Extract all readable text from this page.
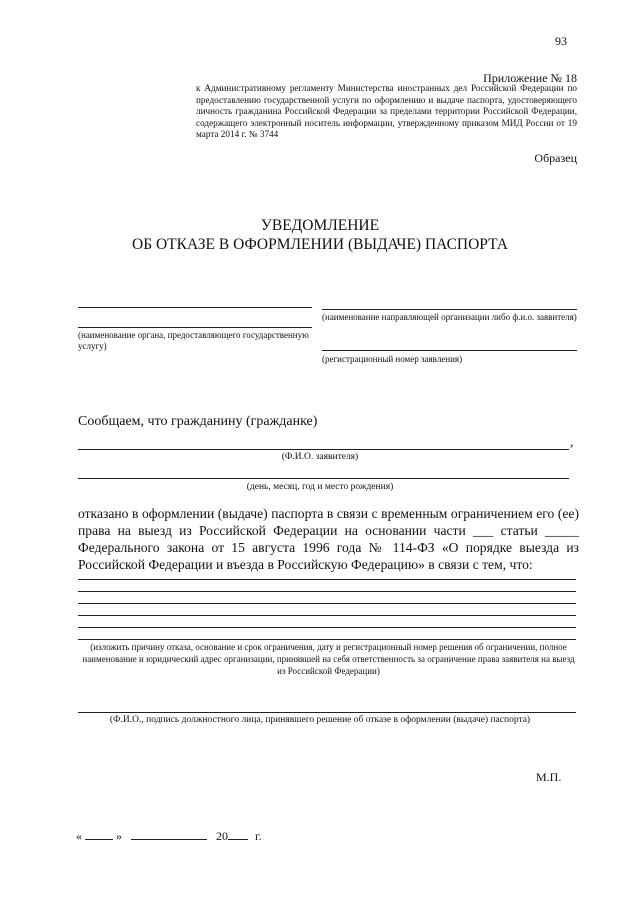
93
Приложение № 18
к Административному регламенту Министерства иностранных дел Российской Федерации по предоставлению государственной услуги по оформлению и выдаче паспорта, удостоверяющего личность гражданина Российской Федерации за пределами территории Российской Федерации, содержащего электронный носитель информации, утвержденному приказом МИД России от 19 марта 2014 г. № 3744
Образец
УВЕДОМЛЕНИЕ
ОБ ОТКАЗЕ В ОФОРМЛЕНИИ (ВЫДАЧЕ) ПАСПОРТА
(наименование органа, предоставляющего государственную услугу)
(наименование направляющей организации либо ф.и.о. заявителя)
(регистрационный номер заявления)
Сообщаем, что гражданину (гражданке)
,
(Ф.И.О. заявителя)
(день, месяц, год и место рождения)
отказано в оформлении (выдаче) паспорта в связи с временным ограничением его (ее) права на выезд из Российской Федерации на основании части ___ статьи _____ Федерального закона от 15 августа 1996 года № 114-ФЗ «О порядке выезда из Российской Федерации и въезда в Российскую Федерацию» в связи с тем, что:
(изложить причину отказа, основание и срок ограничения, дату и регистрационный номер решения об ограничении, полное наименование и юридический адрес организации, принявшей на себя ответственность за ограничение права заявителя на выезд из Российской Федерации)
(Ф.И.О., подпись должностного лица, принявшего решение об отказе в оформлении (выдаче) паспорта)
М.П.
«	»	20 г.
